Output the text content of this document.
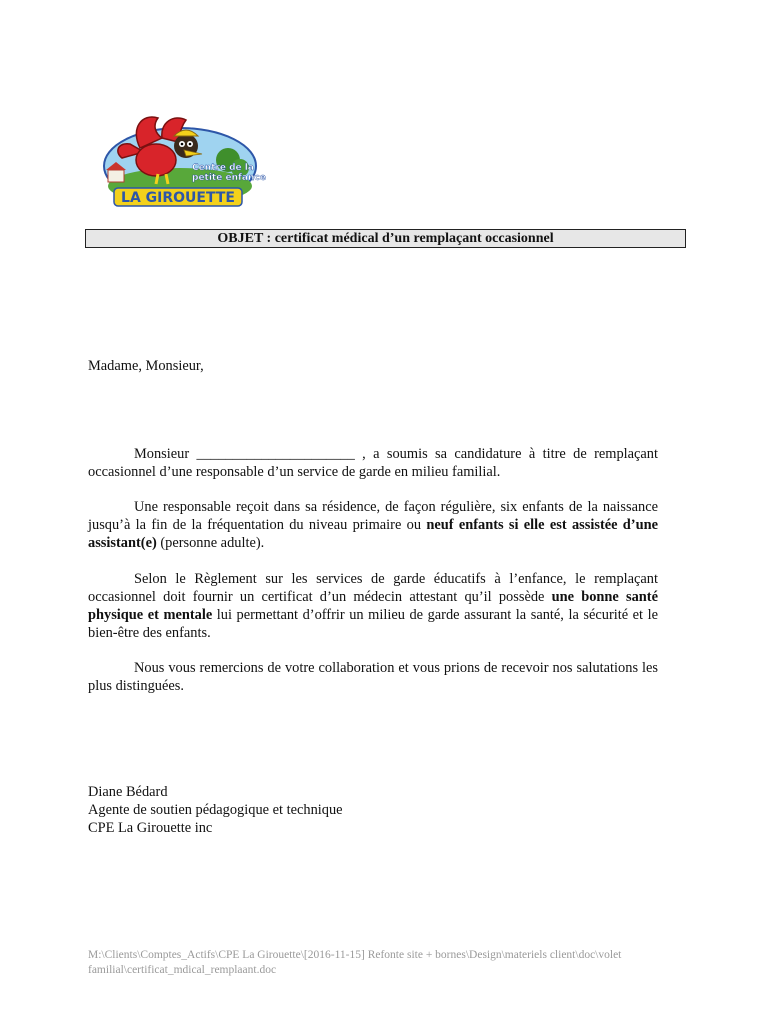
Centre de la
petite enfance
LA GIROUETTE
OBJET : certificat médical d’un remplaçant occasionnel
Madame, Monsieur,
Monsieur ______________________ , a soumis sa candidature à titre de remplaçant occasionnel d’une responsable d’un service de garde en milieu familial.
Une responsable reçoit dans sa résidence, de façon régulière, six enfants de la naissance jusqu’à la fin de la fréquentation du niveau primaire ou neuf enfants si elle est assistée d’une assistant(e) (personne adulte).
Selon le Règlement sur les services de garde éducatifs à l’enfance, le remplaçant occasionnel doit fournir un certificat d’un médecin attestant qu’il possède une bonne santé physique et mentale lui permettant d’offrir un milieu de garde assurant la santé, la sécurité et le bien-être des enfants.
Nous vous remercions de votre collaboration et vous prions de recevoir nos salutations les plus distinguées.
Diane Bédard
Agente de soutien pédagogique et technique
CPE La Girouette inc
M:\Clients\Comptes_Actifs\CPE La Girouette\[2016-11-15] Refonte site + bornes\Design\materiels client\doc\volet familial\certificat_mdical_remplaant.doc
